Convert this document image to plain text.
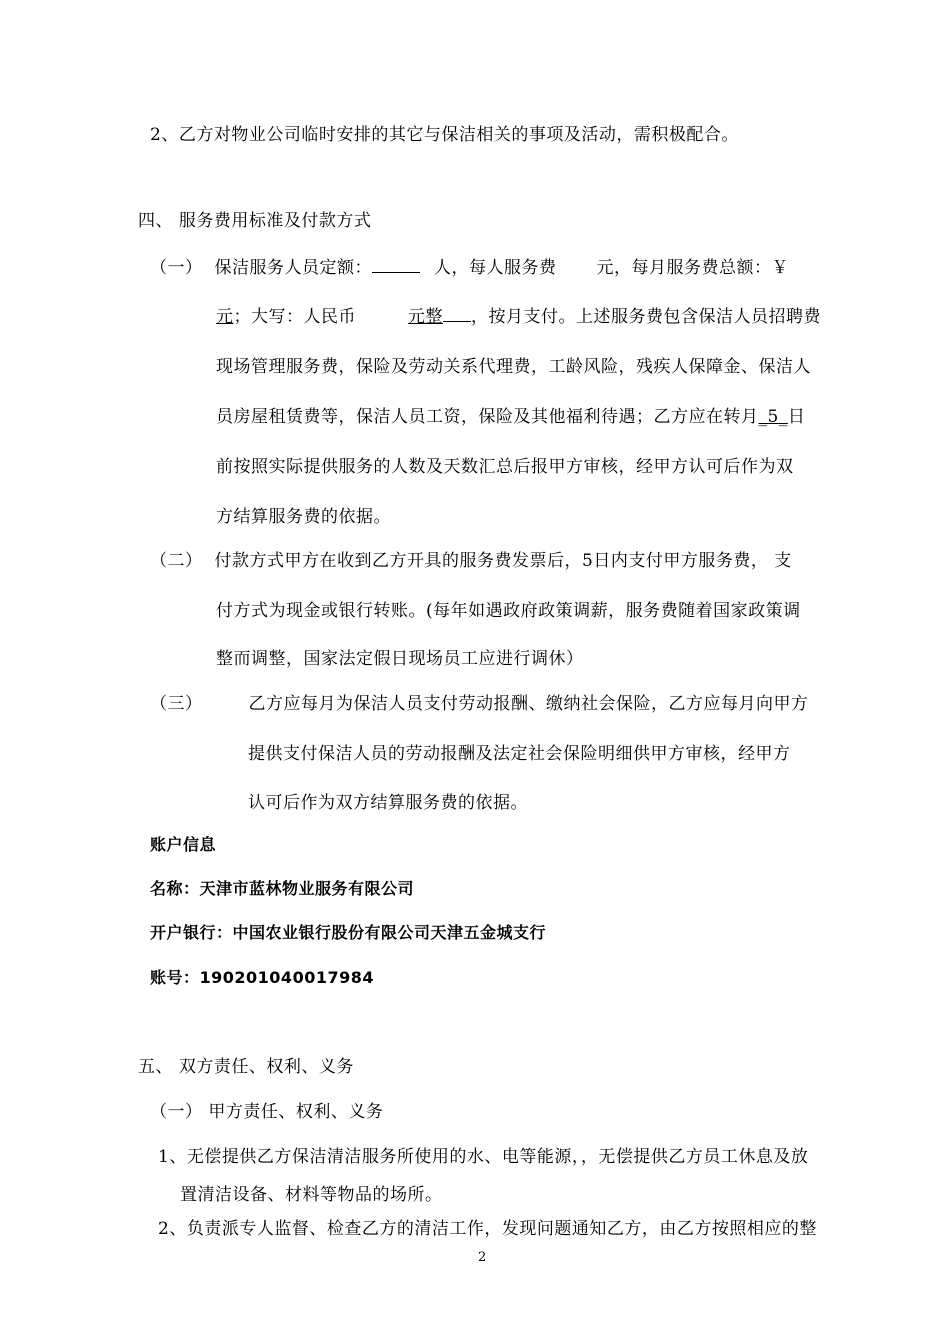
2、乙方对物业公司临时安排的其它与保洁相关的事项及活动，需积极配合。
四、 服务费用标准及付款方式
（一） 保洁服务人员定额：	人，每人服务费 元，每月服务费总额：￥
元；大写：人民币	元整 ，按月支付。上述服务费包含保洁人员招聘费
现场管理服务费，保险及劳动关系代理费，工龄风险，残疾人保障金、保洁人
员房屋租赁费等，保洁人员工资，保险及其他福利待遇；乙方应在转月_5_日
前按照实际提供服务的人数及天数汇总后报甲方审核，经甲方认可后作为双
方结算服务费的依据。
（二） 付款方式甲方在收到乙方开具的服务费发票后，5日内支付甲方服务费， 支
付方式为现金或银行转账。(每年如遇政府政策调薪，服务费随着国家政策调
整而调整，国家法定假日现场员工应进行调休）
（三）	乙方应每月为保洁人员支付劳动报酬、缴纳社会保险，乙方应每月向甲方
提供支付保洁人员的劳动报酬及法定社会保险明细供甲方审核，经甲方
认可后作为双方结算服务费的依据。
账户信息
名称：天津市蓝林物业服务有限公司
开户银行：中国农业银行股份有限公司天津五金城支行
账号：190201040017984
五、 双方责任、权利、义务
（一） 甲方责任、权利、义务
1、无偿提供乙方保洁清洁服务所使用的水、电等能源，，无偿提供乙方员工休息及放
置清洁设备、材料等物品的场所。
2、负责派专人监督、检查乙方的清洁工作，发现问题通知乙方，由乙方按照相应的整
2
